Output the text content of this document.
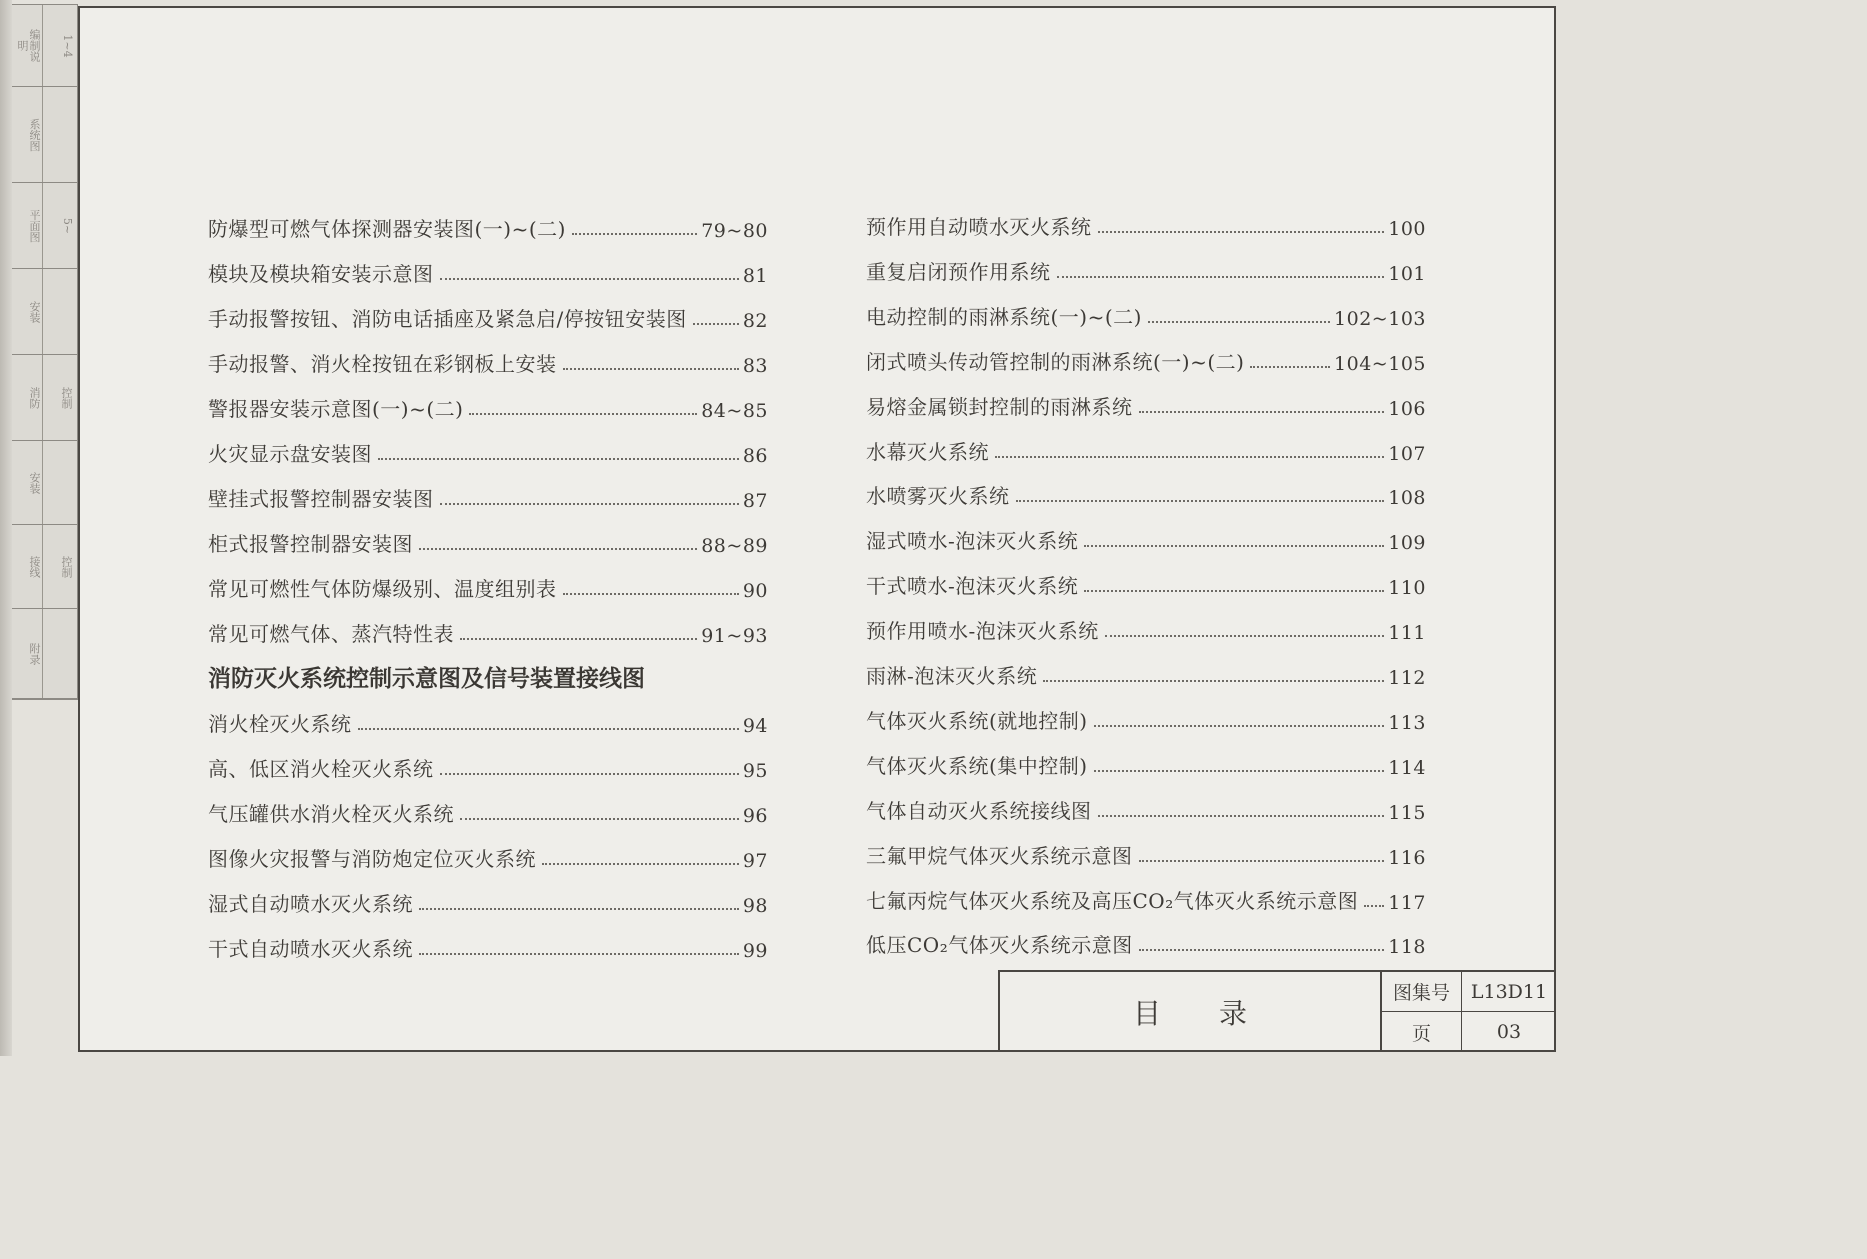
编制说明	1~4
系统图
平面图	5~
安装
消防	控制
安装
接线	控制
附录
防爆型可燃气体探测器安装图(一)~(二)	79~80
模块及模块箱安装示意图	81
手动报警按钮、消防电话插座及紧急启/停按钮安装图	82
手动报警、消火栓按钮在彩钢板上安装	83
警报器安装示意图(一)~(二)	84~85
火灾显示盘安装图	86
壁挂式报警控制器安装图	87
柜式报警控制器安装图	88~89
常见可燃性气体防爆级别、温度组别表	90
常见可燃气体、蒸汽特性表	91~93
消防灭火系统控制示意图及信号装置接线图
消火栓灭火系统	94
高、低区消火栓灭火系统	95
气压罐供水消火栓灭火系统	96
图像火灾报警与消防炮定位灭火系统	97
湿式自动喷水灭火系统	98
干式自动喷水灭火系统	99
预作用自动喷水灭火系统	100
重复启闭预作用系统	101
电动控制的雨淋系统(一)~(二)	102~103
闭式喷头传动管控制的雨淋系统(一)~(二)	104~105
易熔金属锁封控制的雨淋系统	106
水幕灭火系统	107
水喷雾灭火系统	108
湿式喷水-泡沫灭火系统	109
干式喷水-泡沫灭火系统	110
预作用喷水-泡沫灭火系统	111
雨淋-泡沫灭火系统	112
气体灭火系统(就地控制)	113
气体灭火系统(集中控制)	114
气体自动灭火系统接线图	115
三氟甲烷气体灭火系统示意图	116
七氟丙烷气体灭火系统及高压CO₂气体灭火系统示意图 117
低压CO₂气体灭火系统示意图	118
目录
图集号	L13D11
页	03
